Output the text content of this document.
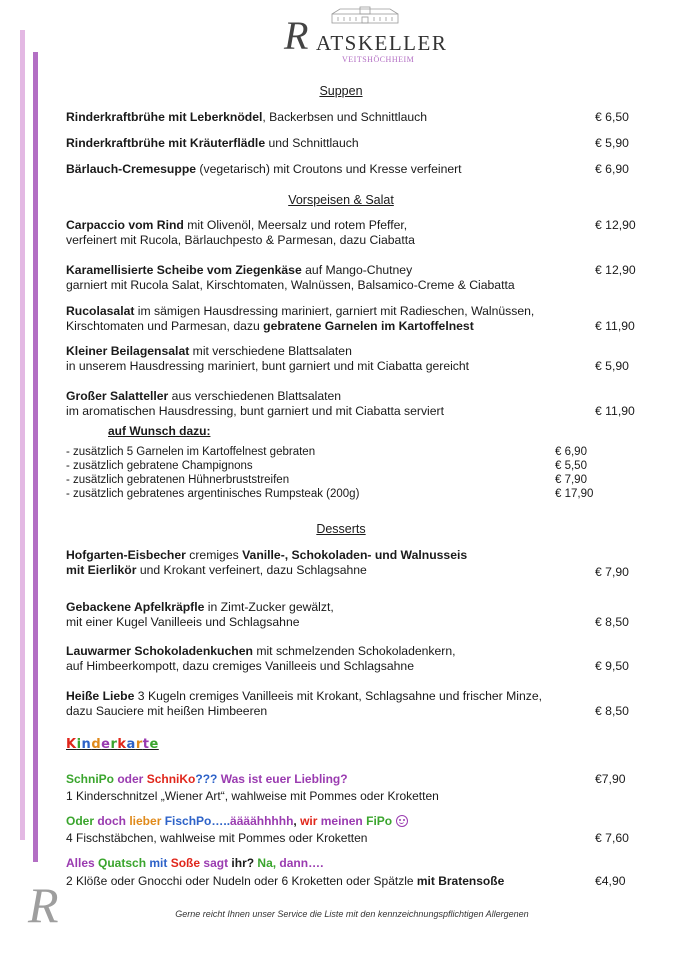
R ATSKELLER
VEITSHÖCHHEIM
Suppen
Rinderkraftbrühe mit Leberknödel, Backerbsen und Schnittlauch	€ 6,50
Rinderkraftbrühe mit Kräuterflädle und Schnittlauch	€ 5,90
Bärlauch-Cremesuppe (vegetarisch) mit Croutons und Kresse verfeinert	€ 6,90
Vorspeisen & Salat
Carpaccio vom Rind mit Olivenöl, Meersalz und rotem Pfeffer,
verfeinert mit Rucola, Bärlauchpesto & Parmesan, dazu Ciabatta
€ 12,90
Karamellisierte Scheibe vom Ziegenkäse auf Mango-Chutney
garniert mit Rucola Salat, Kirschtomaten, Walnüssen, Balsamico-Creme & Ciabatta
€ 12,90
Rucolasalat im sämigen Hausdressing mariniert, garniert mit Radieschen, Walnüssen,
Kirschtomaten und Parmesan, dazu gebratene Garnelen im Kartoffelnest	€ 11,90
Kleiner Beilagensalat mit verschiedene Blattsalaten
in unserem Hausdressing mariniert, bunt garniert und mit Ciabatta gereicht	€ 5,90
Großer Salatteller aus verschiedenen Blattsalaten
im aromatischen Hausdressing, bunt garniert und mit Ciabatta serviert	€ 11,90
auf Wunsch dazu:
- zusätzlich 5 Garnelen im Kartoffelnest gebraten	€ 6,90
- zusätzlich gebratene Champignons	€ 5,50
- zusätzlich gebratenen Hühnerbruststreifen	€ 7,90
- zusätzlich gebratenes argentinisches Rumpsteak (200g)	€ 17,90
Desserts
Hofgarten-Eisbecher cremiges Vanille-, Schokoladen- und Walnusseis
mit Eierlikör und Krokant verfeinert, dazu Schlagsahne	€ 7,90
Gebackene Apfelkräpfle in Zimt-Zucker gewälzt,
mit einer Kugel Vanilleeis und Schlagsahne	€ 8,50
Lauwarmer Schokoladenkuchen mit schmelzenden Schokoladenkern,
auf Himbeerkompott, dazu cremiges Vanilleeis und Schlagsahne	€ 9,50
Heiße Liebe 3 Kugeln cremiges Vanilleeis mit Krokant, Schlagsahne und frischer Minze,
dazu Sauciere mit heißen Himbeeren	€ 8,50
Kinderkarte
SchniPo oder SchniKo??? Was ist euer Liebling?
1 Kinderschnitzel „Wiener Art“, wahlweise mit Pommes oder Kroketten
€7,90
Oder doch lieber FischPo…..äääähhhhh, wir meinen FiPo
4 Fischstäbchen, wahlweise mit Pommes oder Kroketten	€ 7,60
Alles Quatsch mit Soße sagt ihr? Na, dann….
2 Klöße oder Gnocchi oder Nudeln oder 6 Kroketten oder Spätzle mit Bratensoße	€4,90
R	Gerne reicht Ihnen unser Service die Liste mit den kennzeichnungspflichtigen Allergenen
